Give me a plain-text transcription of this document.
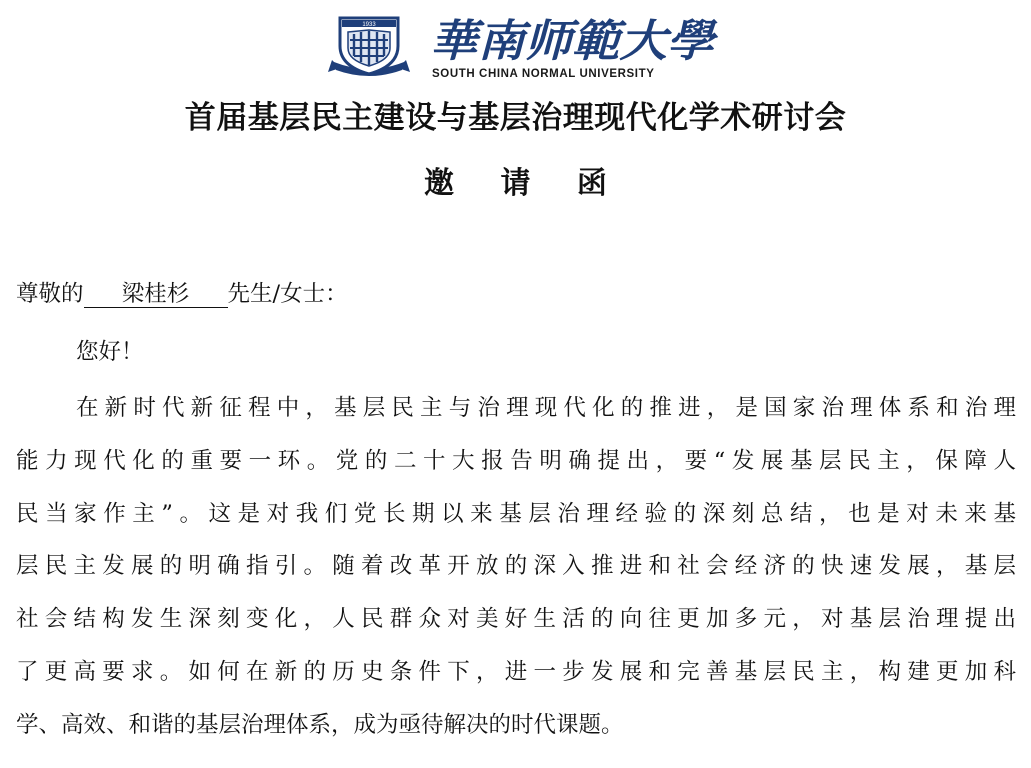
1933 華南师範大學
SOUTH CHINA NORMAL UNIVERSITY
首届基层民主建设与基层治理现代化学术研讨会
邀 请 函
尊敬的 梁桂杉 先生/女士：
您好！
在新时代新征程中，基层民主与治理现代化的推进，是国家治理体系和治理
能力现代化的重要一环。党的二十大报告明确提出，要“发展基层民主，保障人
民当家作主”。这是对我们党长期以来基层治理经验的深刻总结，也是对未来基
层民主发展的明确指引。随着改革开放的深入推进和社会经济的快速发展，基层
社会结构发生深刻变化，人民群众对美好生活的向往更加多元，对基层治理提出
了更高要求。如何在新的历史条件下，进一步发展和完善基层民主，构建更加科
学、高效、和谐的基层治理体系，成为亟待解决的时代课题。
